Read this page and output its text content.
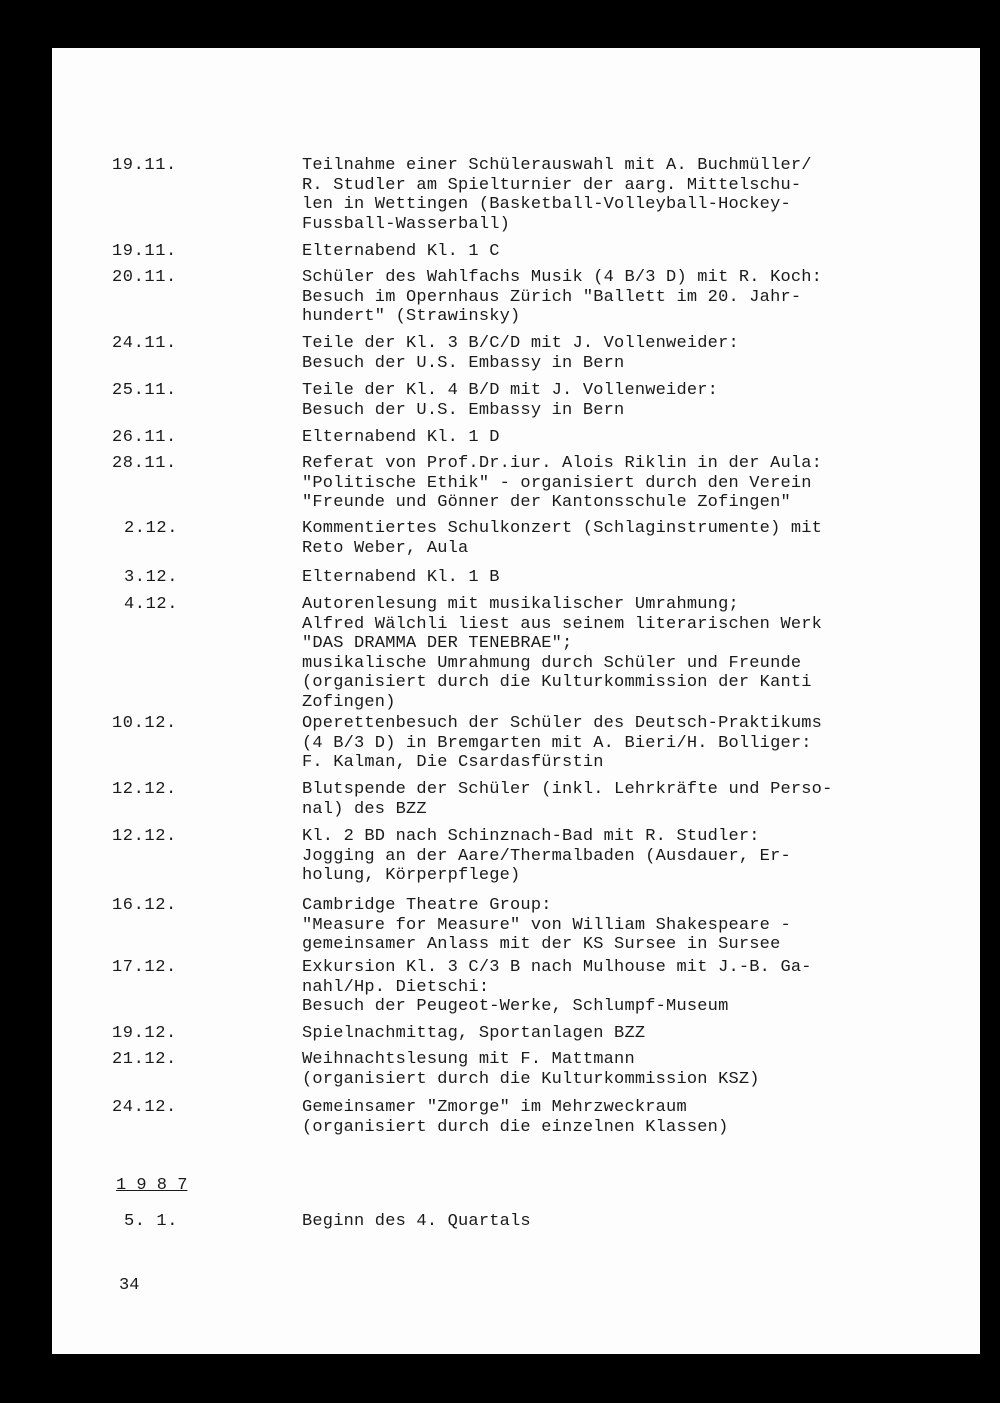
19.11.	Teilnahme einer Schülerauswahl mit A. Buchmüller/
R. Studler am Spielturnier der aarg. Mittelschu-
len in Wettingen (Basketball-Volleyball-Hockey-
Fussball-Wasserball)
19.11.	Elternabend Kl. 1 C
20.11.	Schüler des Wahlfachs Musik (4 B/3 D) mit R. Koch:
Besuch im Opernhaus Zürich "Ballett im 20. Jahr-
hundert" (Strawinsky)
24.11.	Teile der Kl. 3 B/C/D mit J. Vollenweider:
Besuch der U.S. Embassy in Bern
25.11.	Teile der Kl. 4 B/D mit J. Vollenweider:
Besuch der U.S. Embassy in Bern
26.11.	Elternabend Kl. 1 D
28.11.	Referat von Prof.Dr.iur. Alois Riklin in der Aula:
"Politische Ethik" - organisiert durch den Verein
"Freunde und Gönner der Kantonsschule Zofingen"
2.12.	Kommentiertes Schulkonzert (Schlaginstrumente) mit
Reto Weber, Aula
3.12.	Elternabend Kl. 1 B
4.12.	Autorenlesung mit musikalischer Umrahmung;
Alfred Wälchli liest aus seinem literarischen Werk
"DAS DRAMMA DER TENEBRAE";
musikalische Umrahmung durch Schüler und Freunde
(organisiert durch die Kulturkommission der Kanti
Zofingen)
10.12.	Operettenbesuch der Schüler des Deutsch-Praktikums
(4 B/3 D) in Bremgarten mit A. Bieri/H. Bolliger:
F. Kalman, Die Csardasfürstin
12.12.	Blutspende der Schüler (inkl. Lehrkräfte und Perso-
nal) des BZZ
12.12.	Kl. 2 BD nach Schinznach-Bad mit R. Studler:
Jogging an der Aare/Thermalbaden (Ausdauer, Er-
holung, Körperpflege)
16.12.	Cambridge Theatre Group:
"Measure for Measure" von William Shakespeare -
gemeinsamer Anlass mit der KS Sursee in Sursee
17.12.	Exkursion Kl. 3 C/3 B nach Mulhouse mit J.-B. Ga-
nahl/Hp. Dietschi:
Besuch der Peugeot-Werke, Schlumpf-Museum
19.12.	Spielnachmittag, Sportanlagen BZZ
21.12.	Weihnachtslesung mit F. Mattmann
(organisiert durch die Kulturkommission KSZ)
24.12.	Gemeinsamer "Zmorge" im Mehrzweckraum
(organisiert durch die einzelnen Klassen)
1 9 8 7
5. 1.	Beginn des 4. Quartals
34
